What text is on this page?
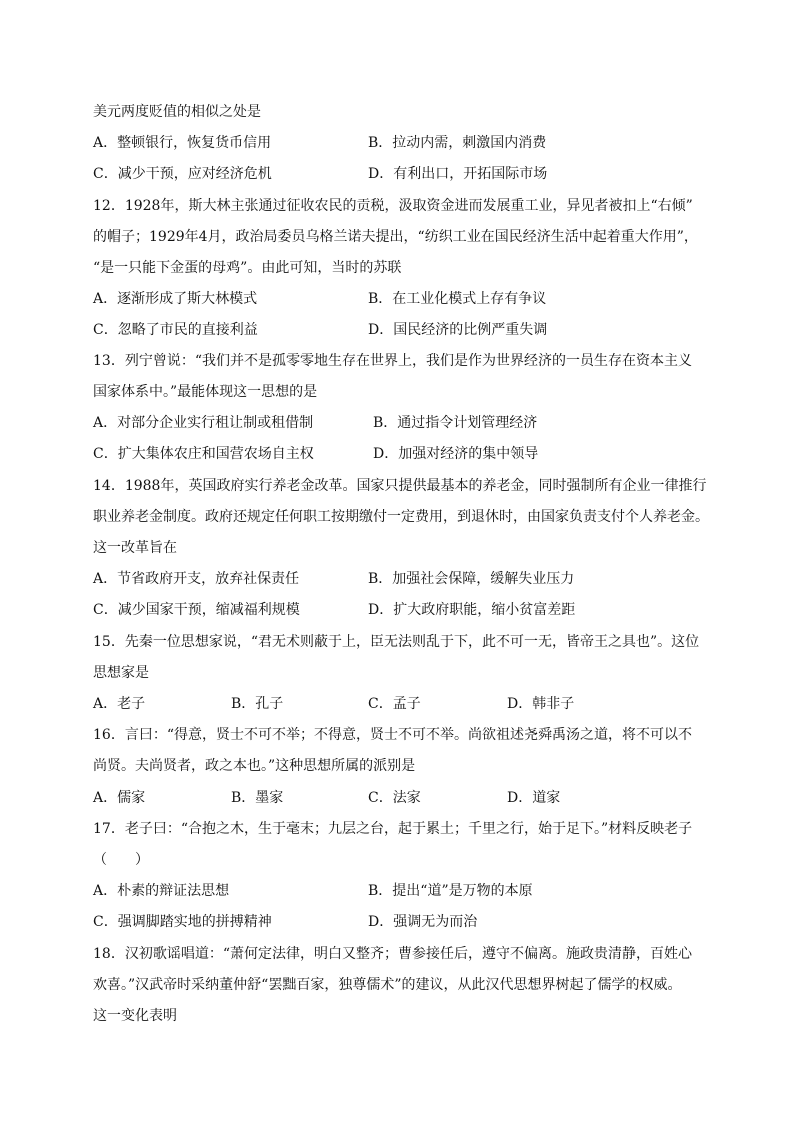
美元两度贬值的相似之处是
A．整顿银行，恢复货币信用	B．拉动内需，刺激国内消费
C．减少干预，应对经济危机	D．有利出口，开拓国际市场
12．1928年，斯大林主张通过征收农民的贡税，汲取资金进而发展重工业，异见者被扣上“右倾”
的帽子；1929年4月，政治局委员乌格兰诺夫提出，“纺织工业在国民经济生活中起着重大作用”，
“是一只能下金蛋的母鸡”。由此可知，当时的苏联
A．逐渐形成了斯大林模式	B．在工业化模式上存有争议
C．忽略了市民的直接利益	D．国民经济的比例严重失调
13．列宁曾说：“我们并不是孤零零地生存在世界上，我们是作为世界经济的一员生存在资本主义
国家体系中。”最能体现这一思想的是
A．对部分企业实行租让制或租借制	B．通过指令计划管理经济
C．扩大集体农庄和国营农场自主权	D．加强对经济的集中领导
14．1988年，英国政府实行养老金改革。国家只提供最基本的养老金，同时强制所有企业一律推行
职业养老金制度。政府还规定任何职工按期缴付一定费用，到退休时，由国家负责支付个人养老金。
这一改革旨在
A．节省政府开支，放弃社保责任	B．加强社会保障，缓解失业压力
C．减少国家干预，缩减福利规模	D．扩大政府职能，缩小贫富差距
15．先秦一位思想家说，“君无术则蔽于上，臣无法则乱于下，此不可一无，皆帝王之具也”。这位
思想家是
A．老子	B．孔子	C．孟子	D．韩非子
16．言曰：“得意，贤士不可不举；不得意，贤士不可不举。尚欲祖述尧舜禹汤之道，将不可以不
尚贤。夫尚贤者，政之本也。”这种思想所属的派别是
A．儒家	B．墨家	C．法家	D．道家
17．老子曰：“合抱之木，生于毫末；九层之台，起于累土；千里之行，始于足下。”材料反映老子
（　　）
A．朴素的辩证法思想	B．提出“道”是万物的本原
C．强调脚踏实地的拼搏精神	D．强调无为而治
18．汉初歌谣唱道：“萧何定法律，明白又整齐；曹参接任后，遵守不偏离。施政贵清静，百姓心
欢喜。”汉武帝时采纳董仲舒“罢黜百家，独尊儒术”的建议，从此汉代思想界树起了儒学的权威。
这一变化表明
